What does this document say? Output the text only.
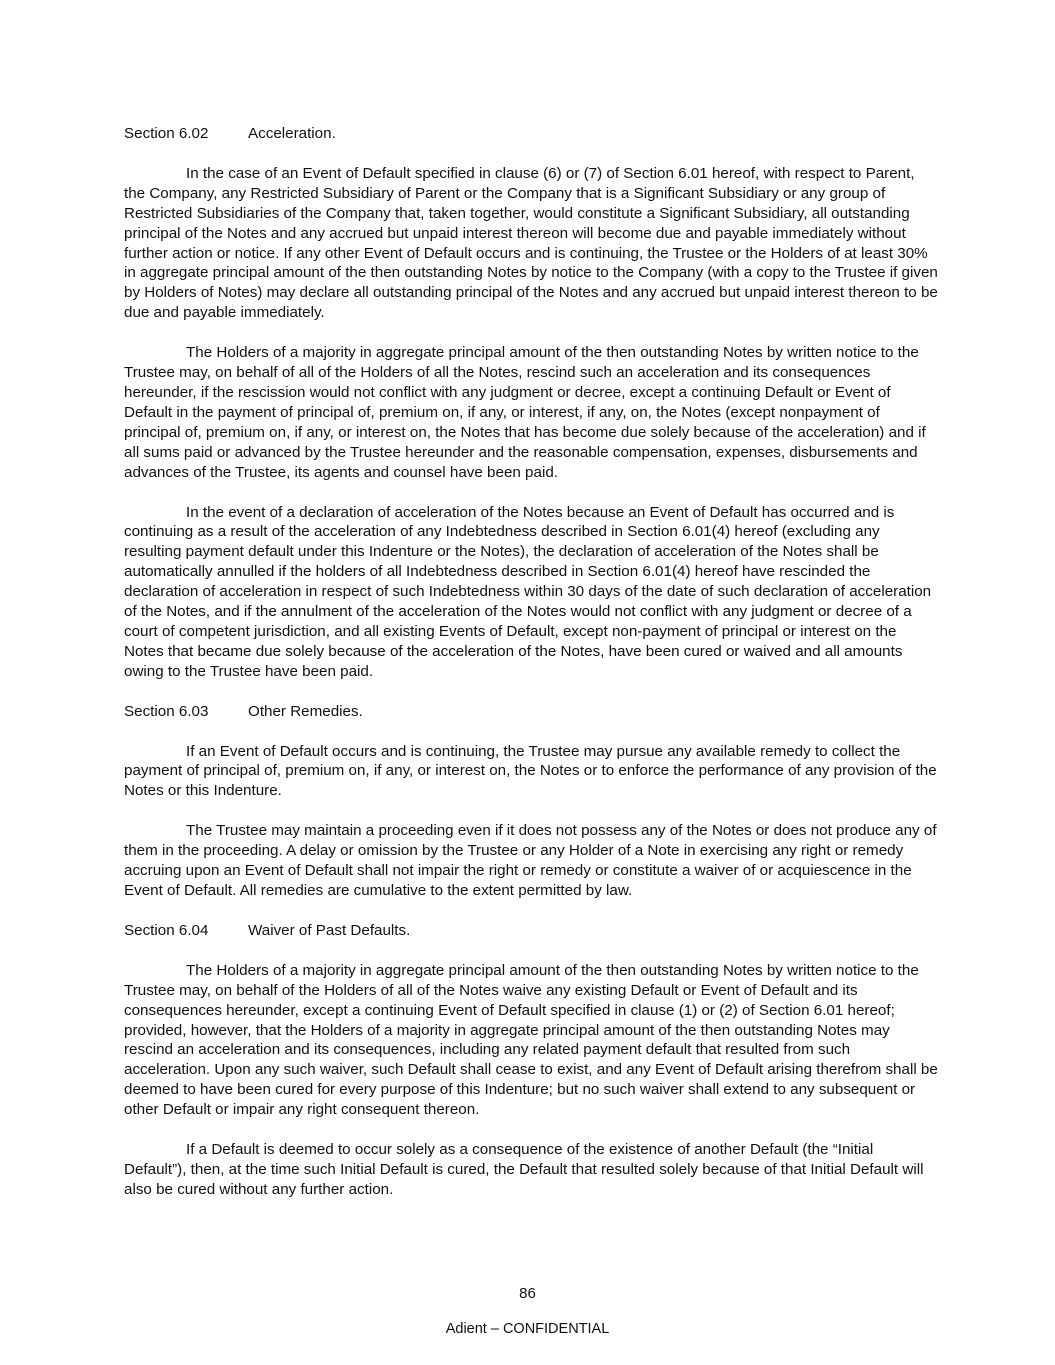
Section 6.02	Acceleration.

In the case of an Event of Default specified in clause (6) or (7) of Section 6.01 hereof, with respect to Parent, the Company, any Restricted Subsidiary of Parent or the Company that is a Significant Subsidiary or any group of Restricted Subsidiaries of the Company that, taken together, would constitute a Significant Subsidiary, all outstanding principal of the Notes and any accrued but unpaid interest thereon will become due and payable immediately without further action or notice. If any other Event of Default occurs and is continuing, the Trustee or the Holders of at least 30% in aggregate principal amount of the then outstanding Notes by notice to the Company (with a copy to the Trustee if given by Holders of Notes) may declare all outstanding principal of the Notes and any accrued but unpaid interest thereon to be due and payable immediately.

The Holders of a majority in aggregate principal amount of the then outstanding Notes by written notice to the Trustee may, on behalf of all of the Holders of all the Notes, rescind such an acceleration and its consequences hereunder, if the rescission would not conflict with any judgment or decree, except a continuing Default or Event of Default in the payment of principal of, premium on, if any, or interest, if any, on, the Notes (except nonpayment of principal of, premium on, if any, or interest on, the Notes that has become due solely because of the acceleration) and if all sums paid or advanced by the Trustee hereunder and the reasonable compensation, expenses, disbursements and advances of the Trustee, its agents and counsel have been paid.

In the event of a declaration of acceleration of the Notes because an Event of Default has occurred and is continuing as a result of the acceleration of any Indebtedness described in Section 6.01(4) hereof (excluding any resulting payment default under this Indenture or the Notes), the declaration of acceleration of the Notes shall be automatically annulled if the holders of all Indebtedness described in Section 6.01(4) hereof have rescinded the declaration of acceleration in respect of such Indebtedness within 30 days of the date of such declaration of acceleration of the Notes, and if the annulment of the acceleration of the Notes would not conflict with any judgment or decree of a court of competent jurisdiction, and all existing Events of Default, except non-payment of principal or interest on the Notes that became due solely because of the acceleration of the Notes, have been cured or waived and all amounts owing to the Trustee have been paid.

Section 6.03	Other Remedies.

If an Event of Default occurs and is continuing, the Trustee may pursue any available remedy to collect the payment of principal of, premium on, if any, or interest on, the Notes or to enforce the performance of any provision of the Notes or this Indenture.

The Trustee may maintain a proceeding even if it does not possess any of the Notes or does not produce any of them in the proceeding. A delay or omission by the Trustee or any Holder of a Note in exercising any right or remedy accruing upon an Event of Default shall not impair the right or remedy or constitute a waiver of or acquiescence in the Event of Default. All remedies are cumulative to the extent permitted by law.

Section 6.04	Waiver of Past Defaults.

The Holders of a majority in aggregate principal amount of the then outstanding Notes by written notice to the Trustee may, on behalf of the Holders of all of the Notes waive any existing Default or Event of Default and its consequences hereunder, except a continuing Event of Default specified in clause (1) or (2) of Section 6.01 hereof; provided, however, that the Holders of a majority in aggregate principal amount of the then outstanding Notes may rescind an acceleration and its consequences, including any related payment default that resulted from such acceleration. Upon any such waiver, such Default shall cease to exist, and any Event of Default arising therefrom shall be deemed to have been cured for every purpose of this Indenture; but no such waiver shall extend to any subsequent or other Default or impair any right consequent thereon.

If a Default is deemed to occur solely as a consequence of the existence of another Default (the “Initial Default”), then, at the time such Initial Default is cured, the Default that resulted solely because of that Initial Default will also be cured without any further action.

86
Adient – CONFIDENTIAL
